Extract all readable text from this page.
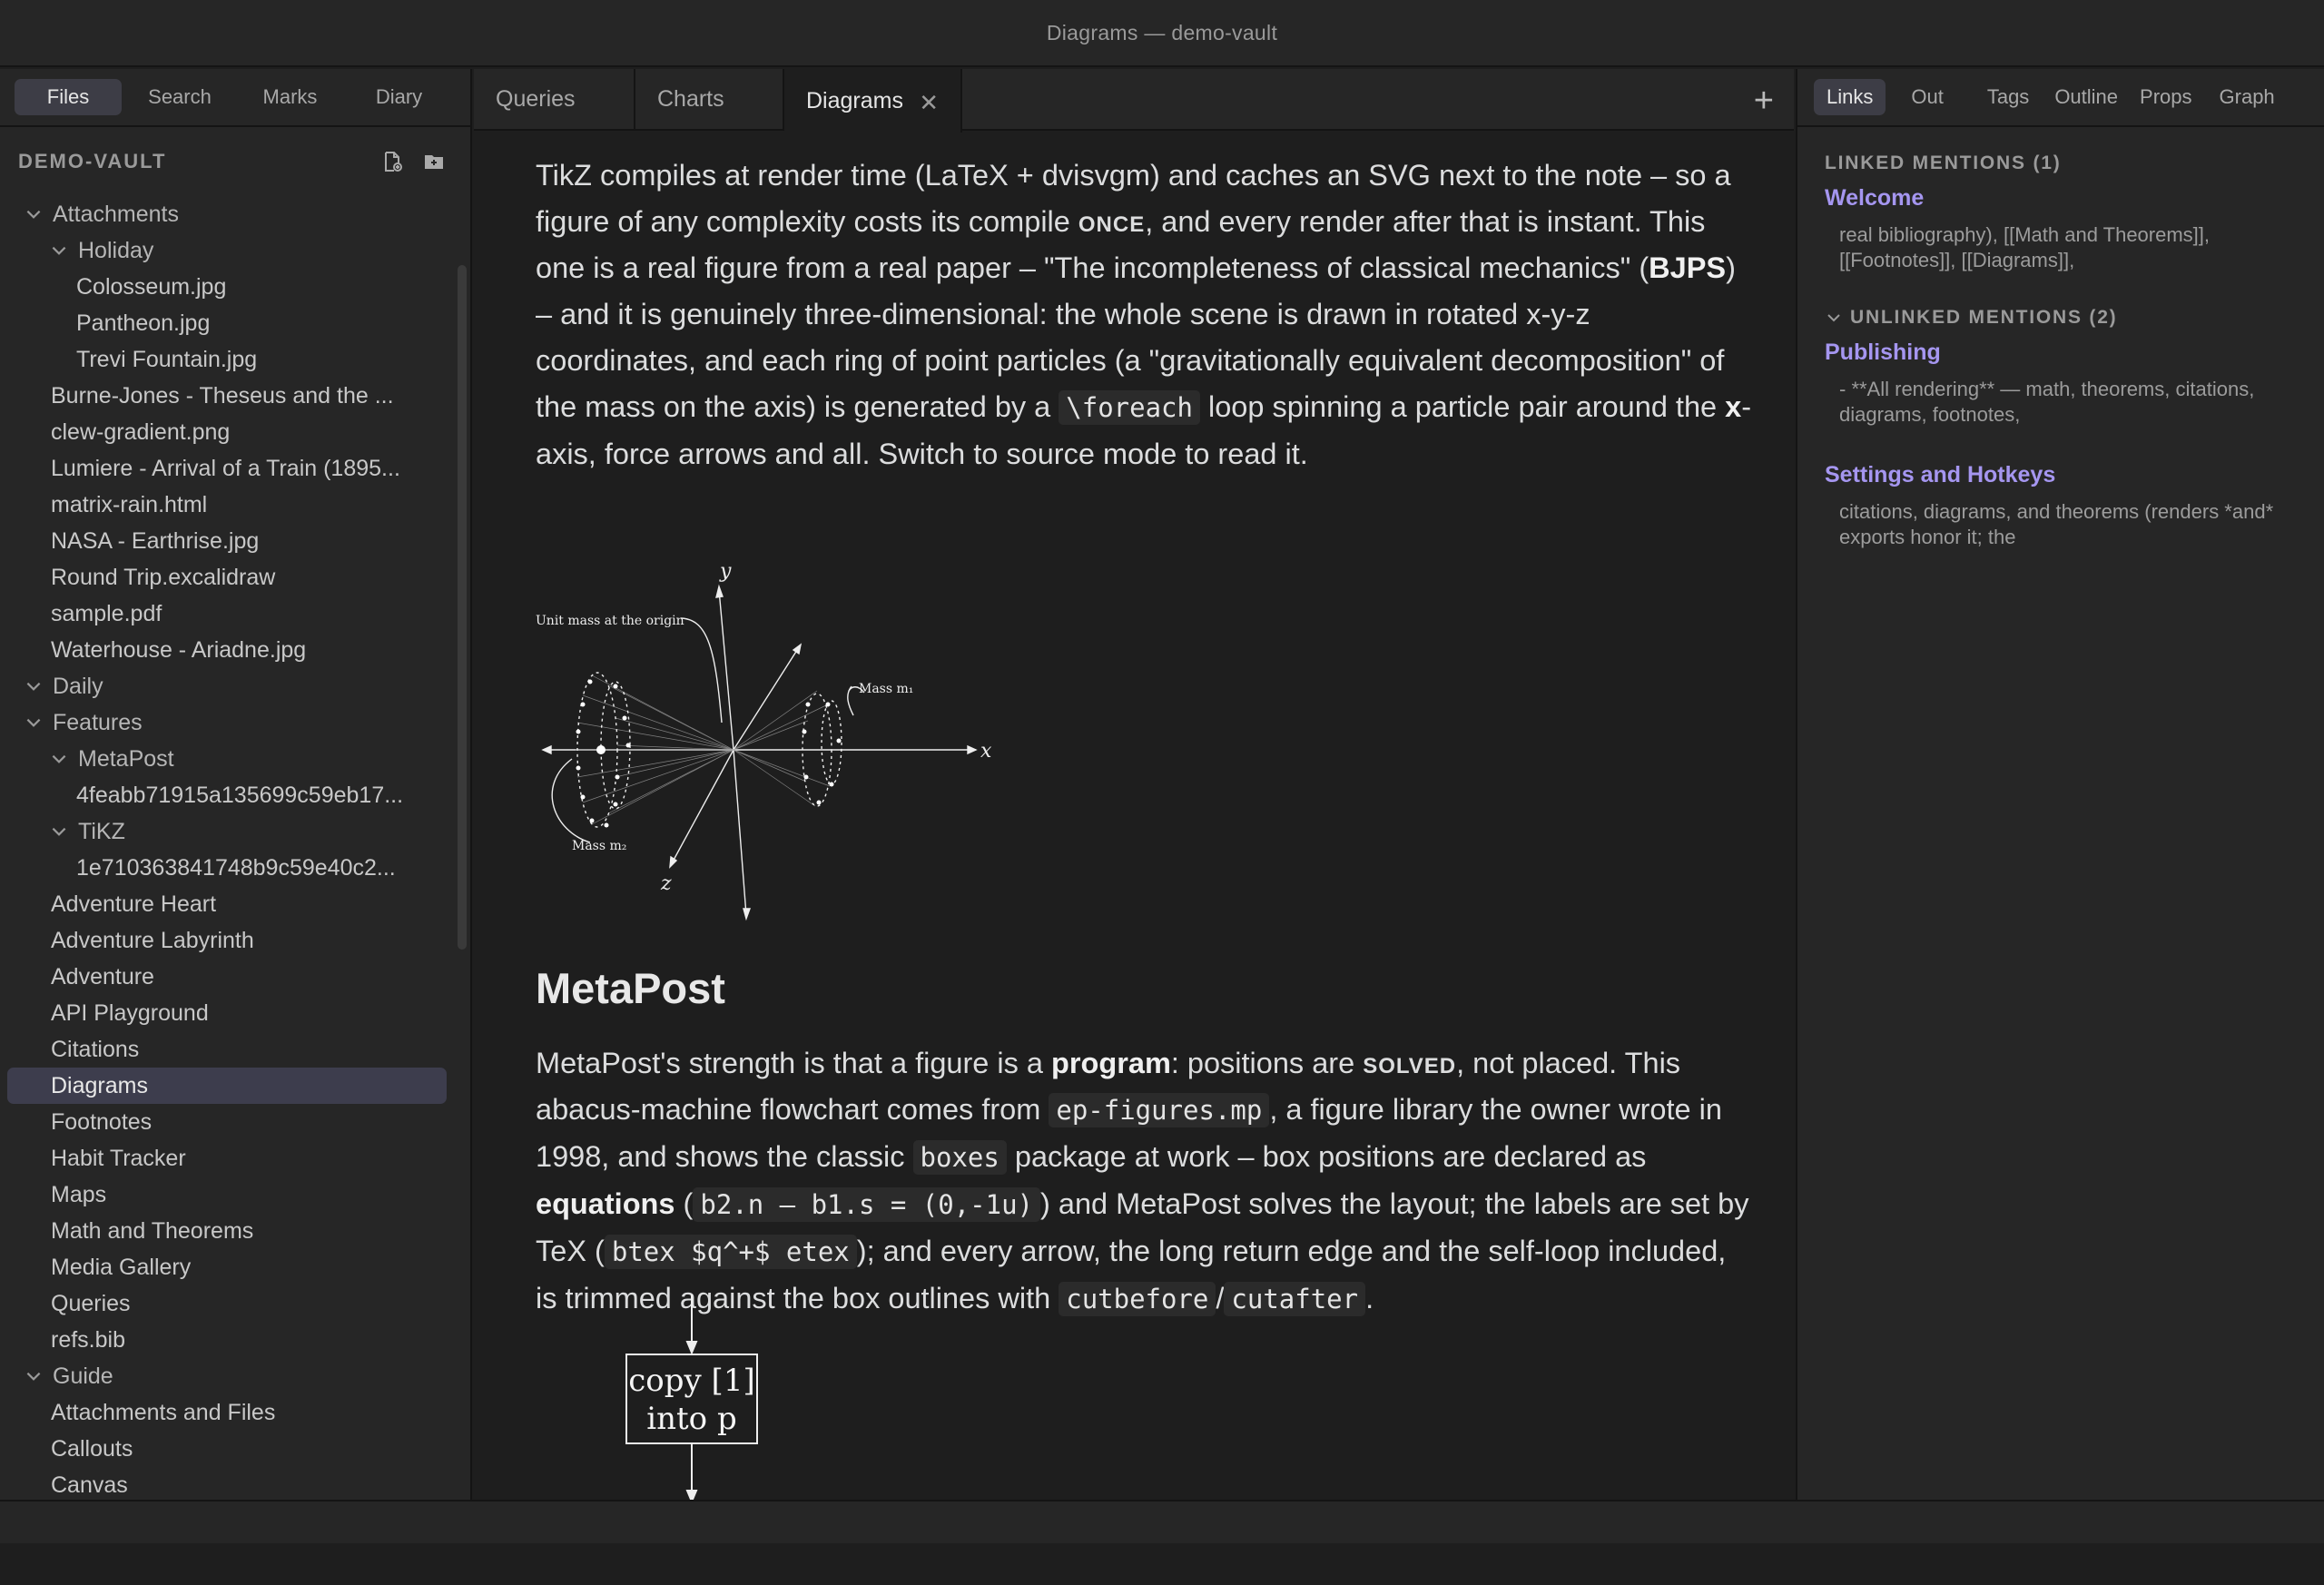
Diagrams — demo-vault
Files	Search	Marks	Diary
DEMO-VAULT
Attachments
Holiday
Colosseum.jpg
Pantheon.jpg
Trevi Fountain.jpg
Burne-Jones - Theseus and the ...
clew-gradient.png
Lumiere - Arrival of a Train (1895...
matrix-rain.html
NASA - Earthrise.jpg
Round Trip.excalidraw
sample.pdf
Waterhouse - Ariadne.jpg
Daily
Features
MetaPost
4feabb71915a135699c59eb17...
TiKZ
1e710363841748b9c59e40c2...
Adventure Heart
Adventure Labyrinth
Adventure
API Playground
Citations
Diagrams
Footnotes
Habit Tracker
Maps
Math and Theorems
Media Gallery
Queries
refs.bib
Guide
Attachments and Files
Callouts
Canvas
Queries	Charts	Diagrams ✕	+

TikZ compiles at render time (LaTeX + dvisvgm) and caches an SVG next to the note – so a figure of any complexity costs its compile once, and every render after that is instant. This one is a real figure from a real paper – "The incompleteness of classical mechanics" (BJPS) – and it is genuinely three-dimensional: the whole scene is drawn in rotated x-y-z coordinates, and each ring of point particles (a "gravitationally equivalent decomposition" of the mass on the axis) is generated by a \foreach loop spinning a particle pair around the x-axis, force arrows and all. Switch to source mode to read it.

y
x
z
Unit mass at the origin
Mass m₁
Mass m₂
MetaPost

MetaPost's strength is that a figure is a program: positions are solved, not placed. This abacus-machine flowchart comes from ep-figures.mp , a figure library the owner wrote in 1998, and shows the classic boxes package at work – box positions are declared as equations ( b2.n – b1.s = (0,-1u) ) and MetaPost solves the layout; the labels are set by TeX ( btex $q^+$ etex ); and every arrow, the long return edge and the self-loop included, is trimmed against the box outlines with cutbefore / cutafter .

copy [1]
into p
Links	Out	Tags	Outline	Props	Graph
LINKED MENTIONS (1)
Welcome
real bibliography), [[Math and Theorems]], [[Footnotes]], [[Diagrams]],
UNLINKED MENTIONS (2)
Publishing
- **All rendering** — math, theorems, citations, diagrams, footnotes,
Settings and Hotkeys
citations, diagrams, and theorems (renders *and* exports honor it; the
